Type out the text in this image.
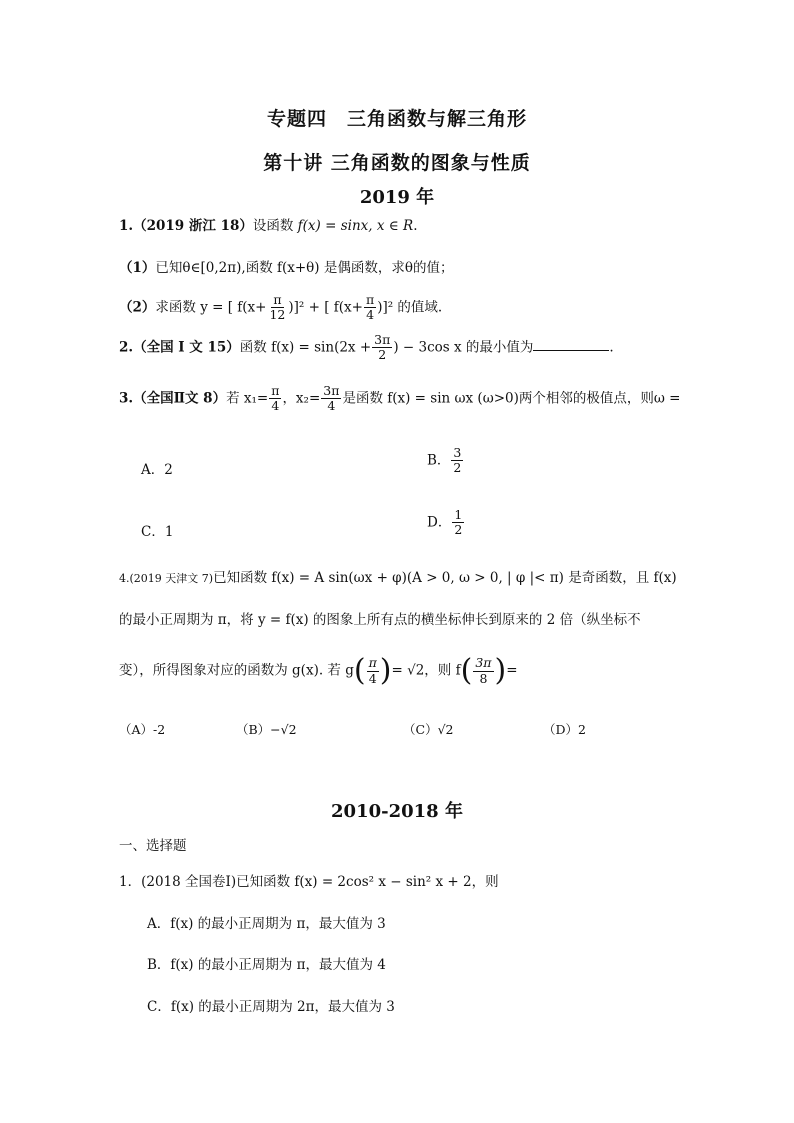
专题四　三角函数与解三角形
第十讲 三角函数的图象与性质
2019 年
1.（2019 浙江 18）设函数 f(x) = sinx, x ∈ R.
（1）已知θ∈[0,2π),函数 f(x+θ) 是偶函数，求θ的值；
（2）求函数 y = [ $f(x+ \frac{\pi}{12} )]^2$ + [ $f(x+ \frac{\pi}{4} )]^2$ 的值域.
2.（全国 Ⅰ 文 15）函数 $f(x) = \sin(2x + \frac{3\pi}{2}$ ) − 3cos x 的最小值为	.
3.（全国Ⅱ文 8）若 $x_1= \frac{\pi}{4}$ ，$x_2= \frac{3\pi}{4}$ 是函数 f(x) = sin ωx (ω>0)两个相邻的极值点，则ω =
A．2
B． $\frac{3}{2}$
C．1
D． $\frac{1}{2}$
4.(2019 天津文 7)已知函数 f(x) = A sin(ωx + φ)(A > 0, ω > 0, | φ |< π) 是奇函数，且 f(x)
的最小正周期为 π，将 y = f(x) 的图象上所有点的横坐标伸长到原来的 2 倍（纵坐标不
变），所得图象对应的函数为 g(x). 若 $g( \frac{\pi}{4}$ )= √2，则 $f( \frac{3\pi}{8}$ )=
（A）-2	（B）−√2	（C）√2	（D）2
2010-2018 年
一、选择题
1．(2018 全国卷Ⅰ)已知函数 f(x) = 2cos² x − sin² x + 2，则
A．f(x) 的最小正周期为 π，最大值为 3
B．f(x) 的最小正周期为 π，最大值为 4
C．f(x) 的最小正周期为 2π，最大值为 3
